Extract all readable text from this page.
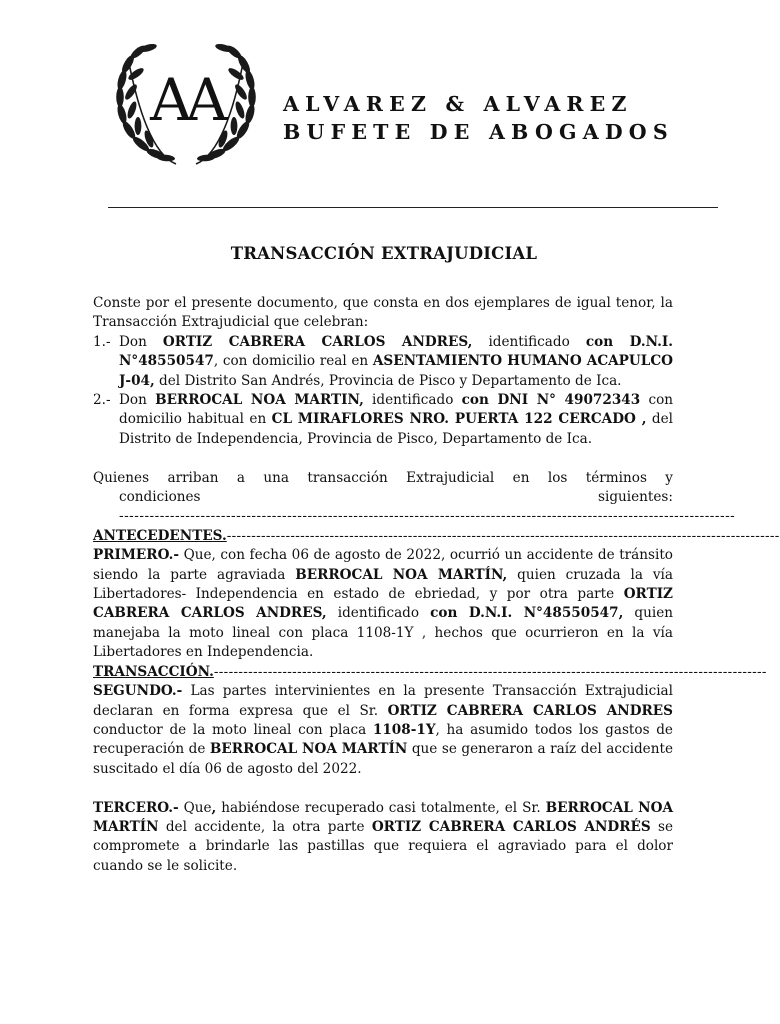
AA	ALVAREZ & ALVAREZ
BUFETE DE ABOGADOS
TRANSACCIÓN EXTRAJUDICIAL

Conste por el presente documento, que consta en dos ejemplares de igual tenor, la Transacción Extrajudicial que celebran:

1.- Don ORTIZ CABRERA CARLOS ANDRES, identificado con D.N.I. N°48550547, con domicilio real en ASENTAMIENTO HUMANO ACAPULCO J-04, del Distrito San Andrés, Provincia de Pisco y Departamento de Ica.
2.- Don BERROCAL NOA MARTIN, identificado con DNI N° 49072343 con domicilio habitual en CL MIRAFLORES NRO. PUERTA 122 CERCADO , del Distrito de Independencia, Provincia de Pisco, Departamento de Ica.

Quienes arriban a una transacción Extrajudicial en los términos y

condiciones siguientes:

-------------------------------------------------------------------------------------------------------------------------
ANTECEDENTES.-----------------------------------------------------------------------------------------------------------------

PRIMERO.- Que, con fecha 06 de agosto de 2022, ocurrió un accidente de tránsito siendo la parte agraviada BERROCAL NOA MARTÍN, quien cruzada la vía Libertadores- Independencia en estado de ebriedad, y por otra parte ORTIZ CABRERA CARLOS ANDRES, identificado con D.N.I. N°48550547, quien manejaba la moto lineal con placa 1108-1Y , hechos que ocurrieron en la vía Libertadores en Independencia.

TRANSACCIÓN.-----------------------------------------------------------------------------------------------------------------

SEGUNDO.- Las partes intervinientes en la presente Transacción Extrajudicial declaran en forma expresa que el Sr. ORTIZ CABRERA CARLOS ANDRES conductor de la moto lineal con placa 1108-1Y, ha asumido todos los gastos de recuperación de BERROCAL NOA MARTÍN que se generaron a raíz del accidente suscitado el día 06 de agosto del 2022.

TERCERO.- Que, habiéndose recuperado casi totalmente, el Sr. BERROCAL NOA MARTÍN del accidente, la otra parte ORTIZ CABRERA CARLOS ANDRÉS se compromete a brindarle las pastillas que requiera el agraviado para el dolor cuando se le solicite.
